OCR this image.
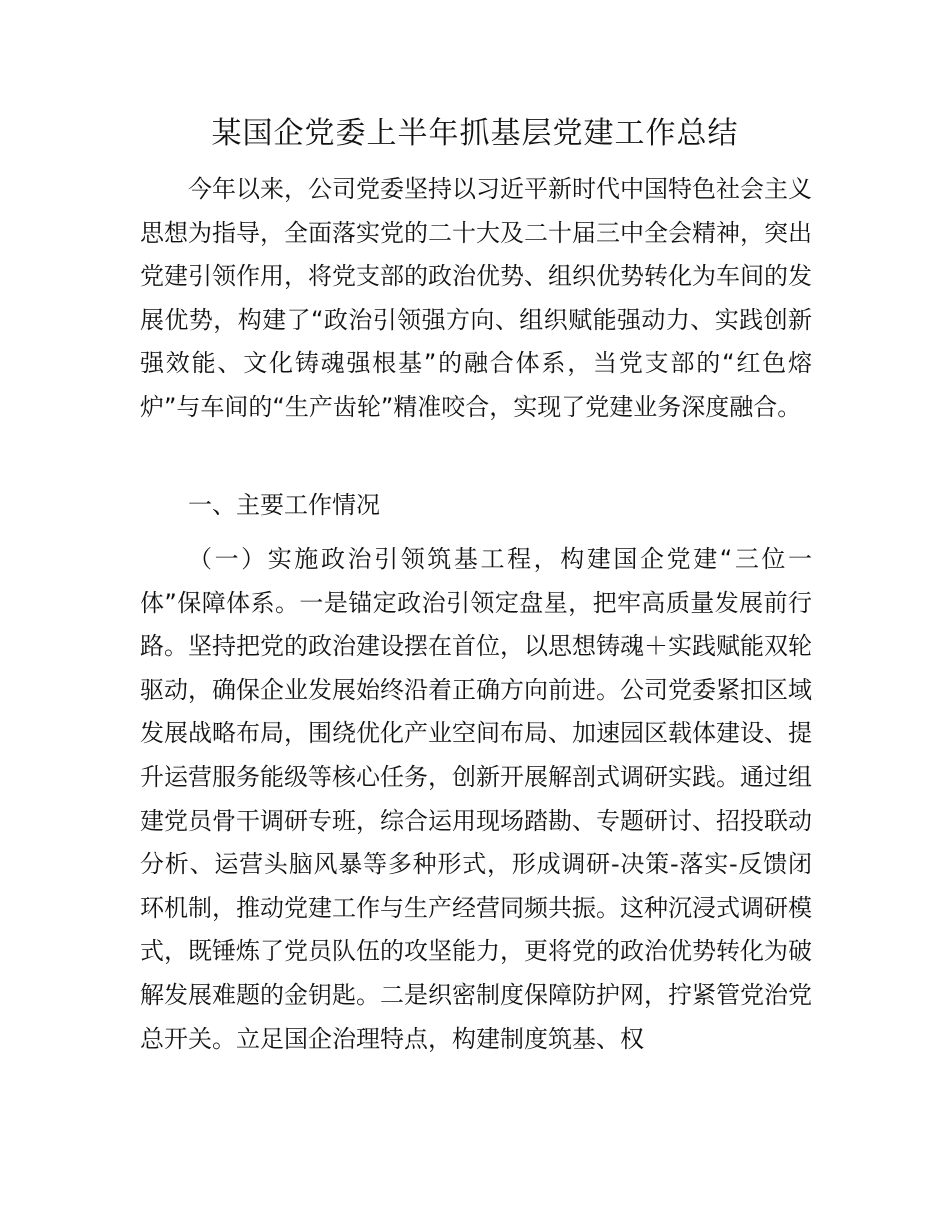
某国企党委上半年抓基层党建工作总结

今年以来，公司党委坚持以习近平新时代中国特色社会主义思想为指导，全面落实党的二十大及二十届三中全会精神，突出党建引领作用，将党支部的政治优势、组织优势转化为车间的发展优势，构建了“政治引领强方向、组织赋能强动力、实践创新强效能、文化铸魂强根基”的融合体系，当党支部的“红色熔炉”与车间的“生产齿轮”精准咬合，实现了党建业务深度融合。

一、主要工作情况

（一）实施政治引领筑基工程，构建国企党建“三位一体”保障体系。一是锚定政治引领定盘星，把牢高质量发展前行路。坚持把党的政治建设摆在首位，以思想铸魂＋实践赋能双轮驱动，确保企业发展始终沿着正确方向前进。公司党委紧扣区域发展战略布局，围绕优化产业空间布局、加速园区载体建设、提升运营服务能级等核心任务，创新开展解剖式调研实践。通过组建党员骨干调研专班，综合运用现场踏勘、专题研讨、招投联动分析、运营头脑风暴等多种形式，形成调研-决策-落实-反馈闭环机制，推动党建工作与生产经营同频共振。这种沉浸式调研模式，既锤炼了党员队伍的攻坚能力，更将党的政治优势转化为破解发展难题的金钥匙。二是织密制度保障防护网，拧紧管党治党总开关。立足国企治理特点，构建制度筑基、权
